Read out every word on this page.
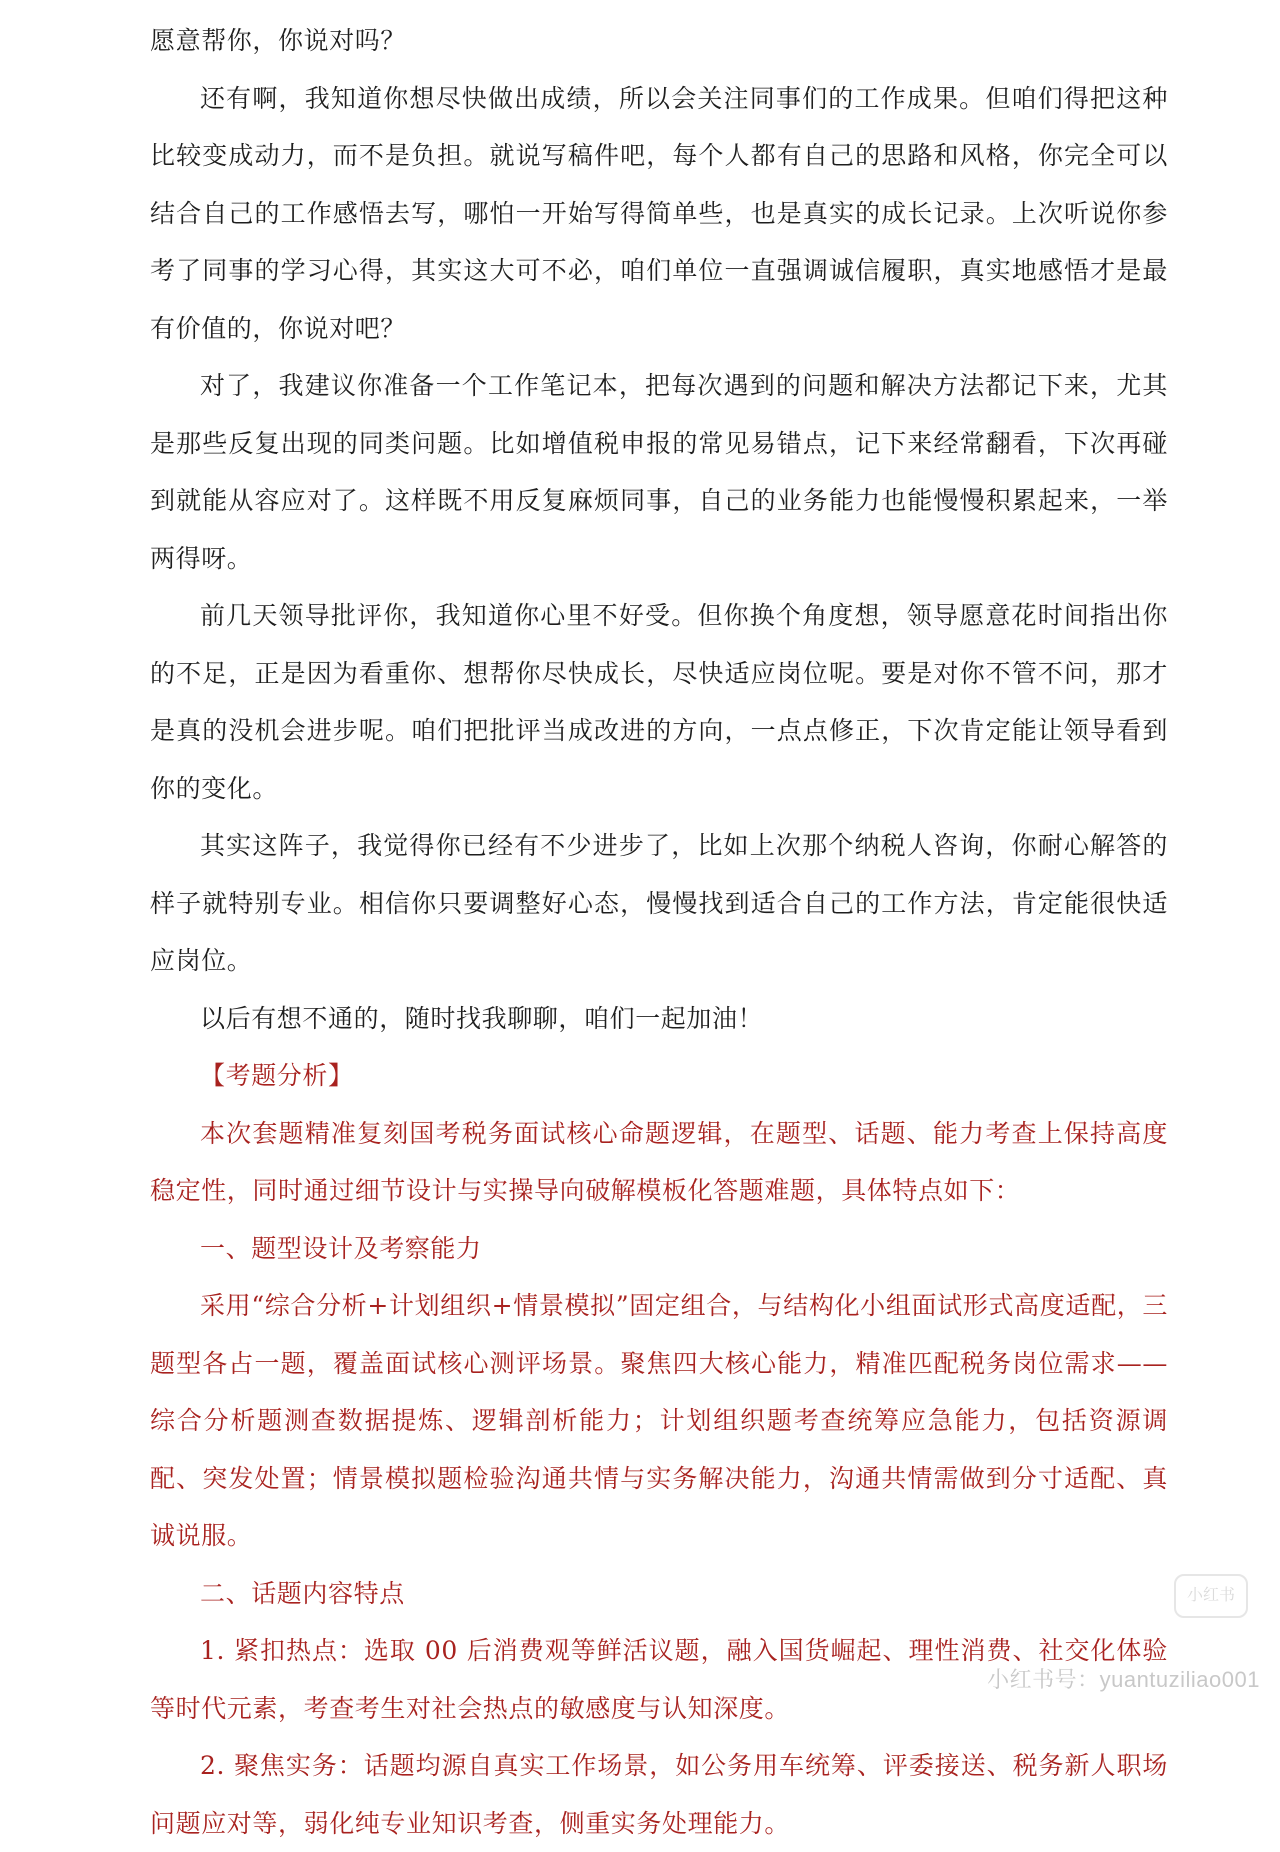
愿意帮你，你说对吗？

还有啊，我知道你想尽快做出成绩，所以会关注同事们的工作成果。但咱们得把这种比较变成动力，而不是负担。就说写稿件吧，每个人都有自己的思路和风格，你完全可以结合自己的工作感悟去写，哪怕一开始写得简单些，也是真实的成长记录。上次听说你参考了同事的学习心得，其实这大可不必，咱们单位一直强调诚信履职，真实地感悟才是最有价值的，你说对吧？

对了，我建议你准备一个工作笔记本，把每次遇到的问题和解决方法都记下来，尤其是那些反复出现的同类问题。比如增值税申报的常见易错点，记下来经常翻看，下次再碰到就能从容应对了。这样既不用反复麻烦同事，自己的业务能力也能慢慢积累起来，一举两得呀。

前几天领导批评你，我知道你心里不好受。但你换个角度想，领导愿意花时间指出你的不足，正是因为看重你、想帮你尽快成长，尽快适应岗位呢。要是对你不管不问，那才是真的没机会进步呢。咱们把批评当成改进的方向，一点点修正，下次肯定能让领导看到你的变化。

其实这阵子，我觉得你已经有不少进步了，比如上次那个纳税人咨询，你耐心解答的样子就特别专业。相信你只要调整好心态，慢慢找到适合自己的工作方法，肯定能很快适应岗位。

以后有想不通的，随时找我聊聊，咱们一起加油！

【考题分析】

本次套题精准复刻国考税务面试核心命题逻辑，在题型、话题、能力考查上保持高度稳定性，同时通过细节设计与实操导向破解模板化答题难题，具体特点如下：

一、题型设计及考察能力

采用“综合分析+计划组织+情景模拟”固定组合，与结构化小组面试形式高度适配，三题型各占一题，覆盖面试核心测评场景。聚焦四大核心能力，精准匹配税务岗位需求——综合分析题测查数据提炼、逻辑剖析能力；计划组织题考查统筹应急能力，包括资源调配、突发处置；情景模拟题检验沟通共情与实务解决能力，沟通共情需做到分寸适配、真诚说服。

二、话题内容特点

1. 紧扣热点：选取 00 后消费观等鲜活议题，融入国货崛起、理性消费、社交化体验等时代元素，考查考生对社会热点的敏感度与认知深度。

2. 聚焦实务：话题均源自真实工作场景，如公务用车统筹、评委接送、税务新人职场问题应对等，弱化纯专业知识考查，侧重实务处理能力。

小红书
小红书号：yuantuziliao001
